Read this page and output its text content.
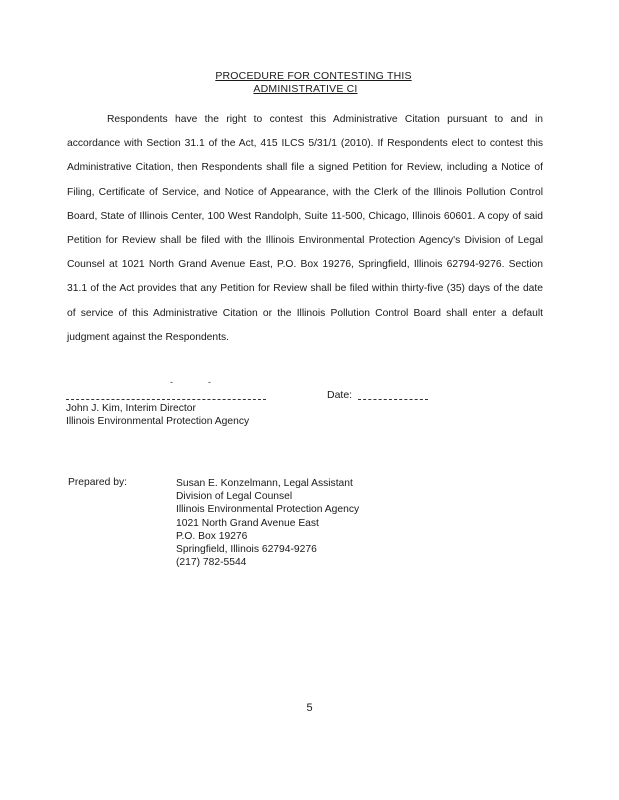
PROCEDURE FOR CONTESTING THIS
ADMINISTRATIVE CI

Respondents have the right to contest this Administrative Citation pursuant to and in accordance with Section 31.1 of the Act, 415 ILCS 5/31/1 (2010). If Respondents elect to contest this Administrative Citation, then Respondents shall file a signed Petition for Review, including a Notice of Filing, Certificate of Service, and Notice of Appearance, with the Clerk of the Illinois Pollution Control Board, State of Illinois Center, 100 West Randolph, Suite 11-500, Chicago, Illinois 60601. A copy of said Petition for Review shall be filed with the Illinois Environmental Protection Agency's Division of Legal Counsel at 1021 North Grand Avenue East, P.O. Box 19276, Springfield, Illinois 62794-9276. Section 31.1 of the Act provides that any Petition for Review shall be filed within thirty-five (35) days of the date of service of this Administrative Citation or the Illinois Pollution Control Board shall enter a default judgment against the Respondents.

-              -
Date:
John J. Kim, Interim Director
Illinois Environmental Protection Agency
Prepared by:	Susan E. Konzelmann, Legal Assistant
Division of Legal Counsel
Illinois Environmental Protection Agency
1021 North Grand Avenue East
P.O. Box 19276
Springfield, Illinois 62794-9276
(217) 782-5544
5
